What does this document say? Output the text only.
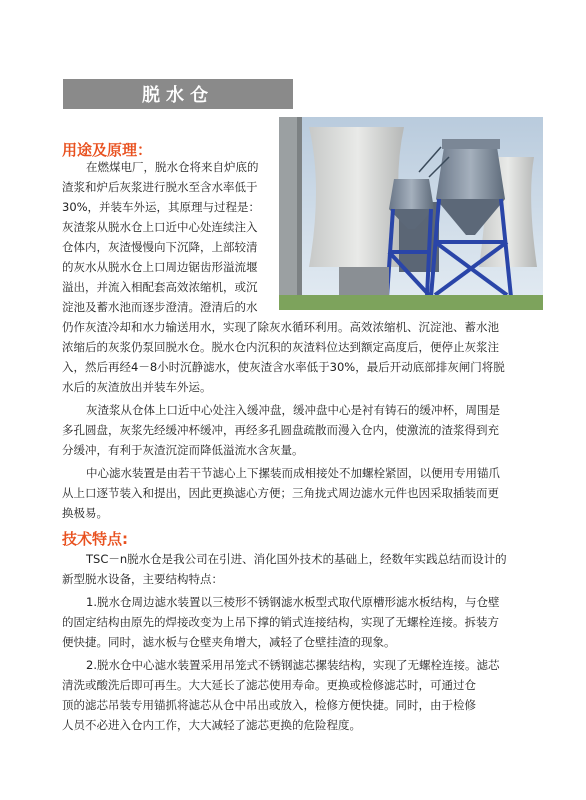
脱水仓
用途及原理：
在燃煤电厂，脱水仓将来自炉底的
渣浆和炉后灰浆进行脱水至含水率低于
30%，并装车外运，其原理与过程是：
灰渣浆从脱水仓上口近中心处连续注入
仓体内，灰渣慢慢向下沉降，上部较清
的灰水从脱水仓上口周边锯齿形溢流堰
溢出，并流入相配套高效浓缩机，或沉
淀池及蓄水池而逐步澄清。澄清后的水
仍作灰渣冷却和水力输送用水，实现了除灰水循环利用。高效浓缩机、沉淀池、蓄水池
浓缩后的灰浆仍泵回脱水仓。脱水仓内沉积的灰渣料位达到额定高度后，便停止灰浆注
入，然后再经4－8小时沉静滤水，使灰渣含水率低于30%，最后开动底部排灰闸门将脱
水后的灰渣放出并装车外运。
灰渣浆从仓体上口近中心处注入缓冲盘，缓冲盘中心是衬有铸石的缓冲杯，周围是
多孔圆盘，灰浆先经缓冲杯缓冲，再经多孔圆盘疏散而漫入仓内，使激流的渣浆得到充
分缓冲，有利于灰渣沉淀而降低溢流水含灰量。
中心滤水装置是由若干节滤心上下摞装而成相接处不加螺栓紧固，以便用专用锚爪
从上口逐节装入和提出，因此更换滤心方便；三角拢式周边滤水元件也因采取插装而更
换极易。
技术特点:
TSC－n脱水仓是我公司在引进、消化国外技术的基础上，经数年实践总结而设计的
新型脱水设备，主要结构特点：
1.脱水仓周边滤水装置以三棱形不锈钢滤水板型式取代原槽形滤水板结构，与仓壁
的固定结构由原先的焊接改变为上吊下撑的销式连接结构，实现了无螺栓连接。拆装方
便快捷。同时，滤水板与仓壁夹角增大，减轻了仓壁挂渣的现象。
2.脱水仓中心滤水装置采用吊笼式不锈钢滤芯摞装结构，实现了无螺栓连接。滤芯
清洗或酸洗后即可再生。大大延长了滤芯使用寿命。更换或检修滤芯时，可通过仓
顶的滤芯吊装专用锚抓将滤芯从仓中吊出或放入，检修方便快捷。同时，由于检修
人员不必进入仓内工作，大大减轻了滤芯更换的危险程度。
